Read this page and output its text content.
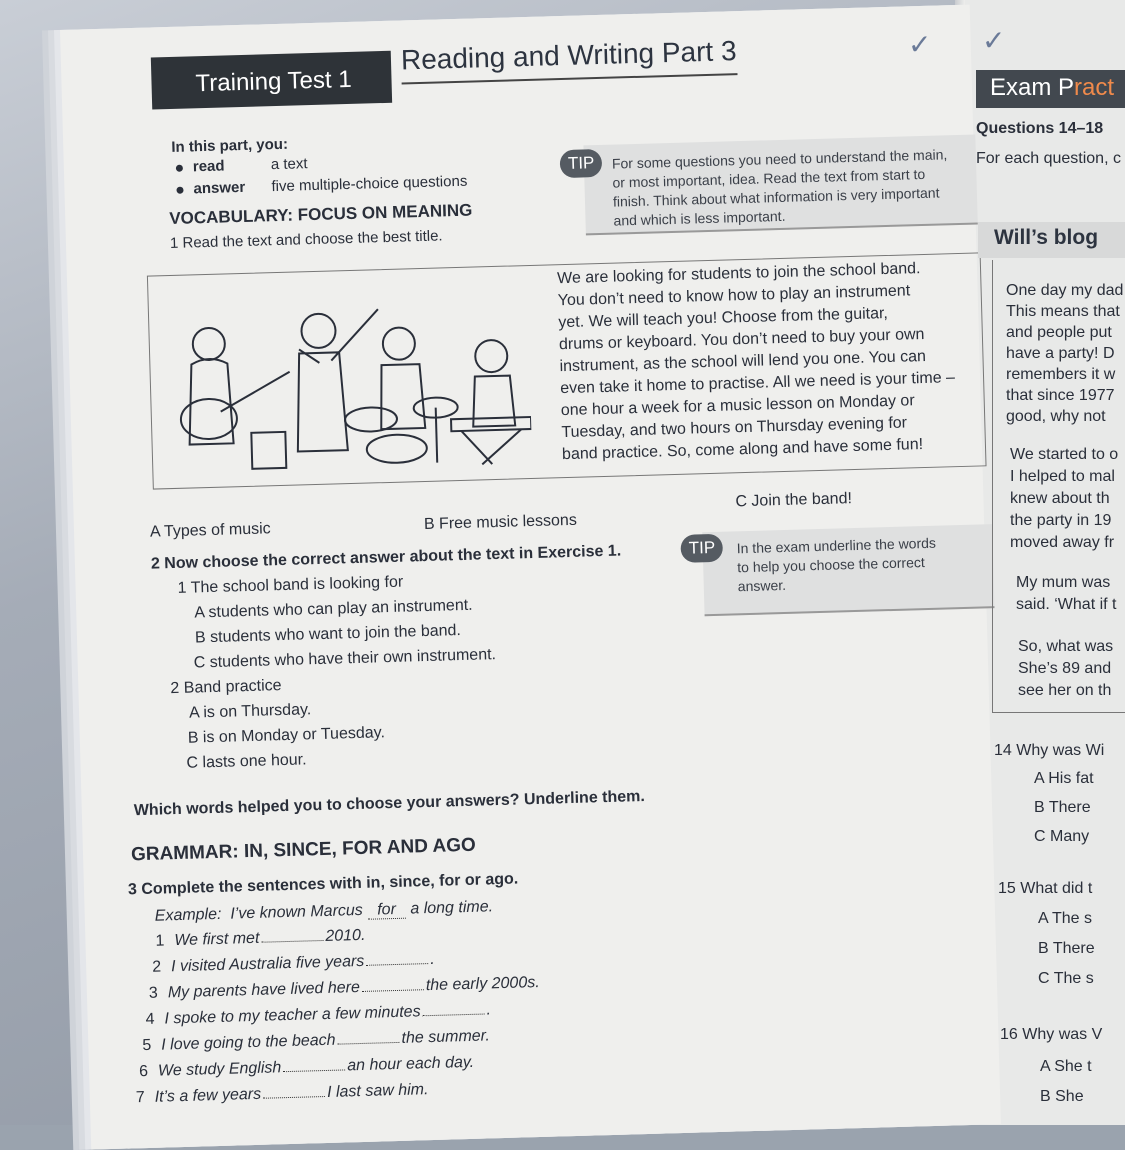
Training Test 1
Reading and Writing Part 3
In this part, you:
read	a text
answer five multiple-choice questions
TIP	For some questions you need to understand the main,
or most important, idea. Read the text from start to
finish. Think about what information is very important
and which is less important.
VOCABULARY: FOCUS ON MEANING
1 Read the text and choose the best title.
We are looking for students to join the school band.
You don’t need to know how to play an instrument
yet. We will teach you! Choose from the guitar,
drums or keyboard. You don’t need to buy your own
instrument, as the school will lend you one. You can
even take it home to practise. All we need is your time –
one hour a week for a music lesson on Monday or
Tuesday, and two hours on Thursday evening for
band practice. So, come along and have some fun!
A Types of music	B Free music lessons
C Join the band!
2 Now choose the correct answer about the text in Exercise 1.	TIP	In the exam underline the words
to help you choose the correct
answer.
1 The school band is looking for
A students who can play an instrument.
B students who want to join the band.
C students who have their own instrument.
2 Band practice
A is on Thursday.
B is on Monday or Tuesday.
C lasts one hour.
Which words helped you to choose your answers? Underline them.
GRAMMAR: IN, SINCE, FOR AND AGO
3 Complete the sentences with in, since, for or ago.
Example: I’ve known Marcus for a long time.
1 We first met	2010.
2 I visited Australia five years	.
3 My parents have lived here	the early 2000s.
4 I spoke to my teacher a few minutes	.
5 I love going to the beach	the summer.
6 We study English	an hour each day.
7 It’s a few years	I last saw him.
✓ ✓
Exam Pract
Questions 14–18
For each question, c
Will’s blog
One day my dad
This means that
and people put
have a party! D
remembers it w
that since 1977
good, why not
We started to o
I helped to mal
knew about th
the party in 19
moved away fr
My mum was
said. ‘What if t
So, what was
She’s 89 and
see her on th
14 Why was Wi
A His fat
B There
C Many
15 What did t
A The s
B There
C The s
16 Why was V
A She t
B She
